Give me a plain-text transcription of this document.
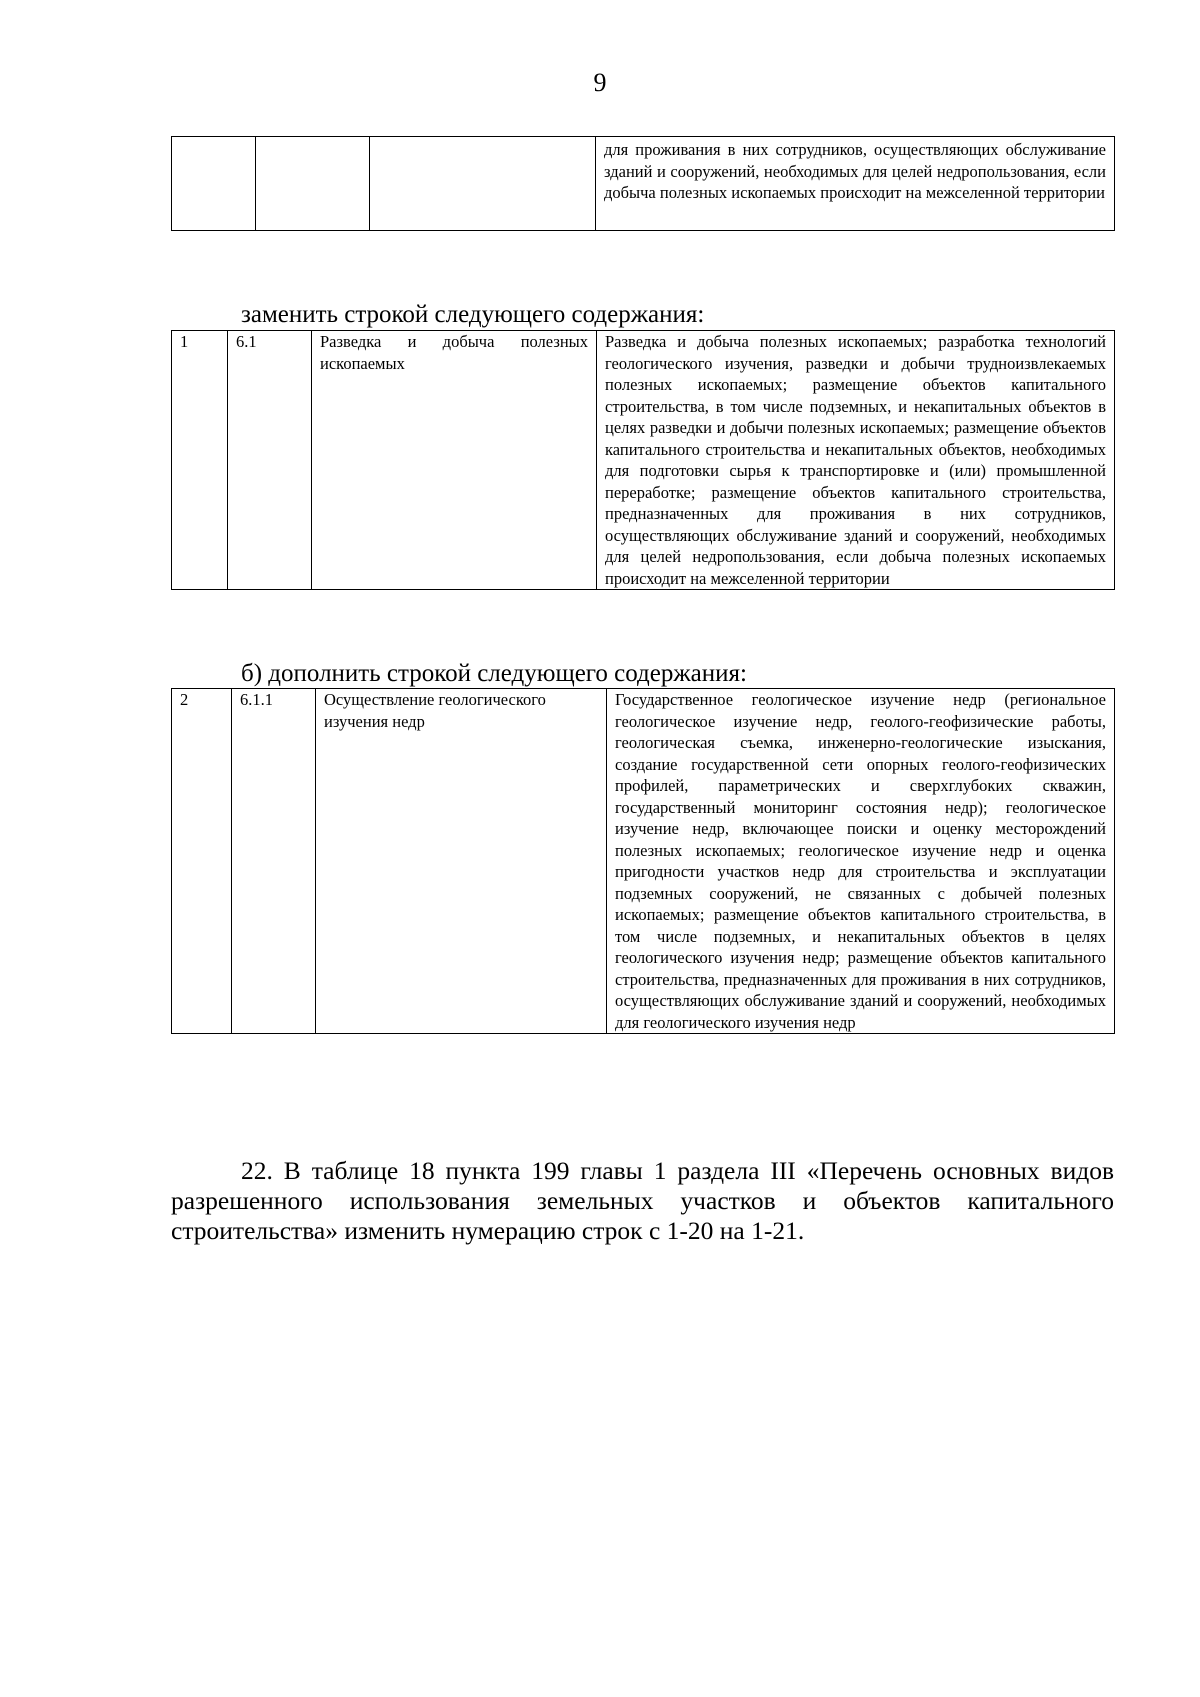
9
			для проживания в них сотрудников, осуществляющих обслуживание зданий и сооружений, необходимых для целей недропользования, если добыча полезных ископаемых происходит на межселенной территории
заменить строкой следующего содержания:
1	6.1	Разведка и добыча полезных ископаемых	Разведка и добыча полезных ископаемых; разработка технологий геологического изучения, разведки и добычи трудноизвлекаемых полезных ископаемых; размещение объектов капитального строительства, в том числе подземных, и некапитальных объектов в целях разведки и добычи полезных ископаемых; размещение объектов капитального строительства и некапитальных объектов, необходимых для подготовки сырья к транспортировке и (или) промышленной переработке; размещение объектов капитального строительства, предназначенных для проживания в них сотрудников, осуществляющих обслуживание зданий и сооружений, необходимых для целей недропользования, если добыча полезных ископаемых происходит на межселенной территории
б) дополнить строкой следующего содержания:
2	6.1.1	Осуществление геологического изучения недр	Государственное геологическое изучение недр (региональное геологическое изучение недр, геолого-геофизические работы, геологическая съемка, инженерно-геологические изыскания, создание государственной сети опорных геолого-геофизических профилей, параметрических и сверхглубоких скважин, государственный мониторинг состояния недр); геологическое изучение недр, включающее поиски и оценку месторождений полезных ископаемых; геологическое изучение недр и оценка пригодности участков недр для строительства и эксплуатации подземных сооружений, не связанных с добычей полезных ископаемых; размещение объектов капитального строительства, в том числе подземных, и некапитальных объектов в целях геологического изучения недр; размещение объектов капитального строительства, предназначенных для проживания в них сотрудников, осуществляющих обслуживание зданий и сооружений, необходимых для геологического изучения недр
22. В таблице 18 пункта 199 главы 1 раздела III «Перечень основных видов разрешенного использования земельных участков и объектов капитального строительства» изменить нумерацию строк с 1-20 на 1-21.
